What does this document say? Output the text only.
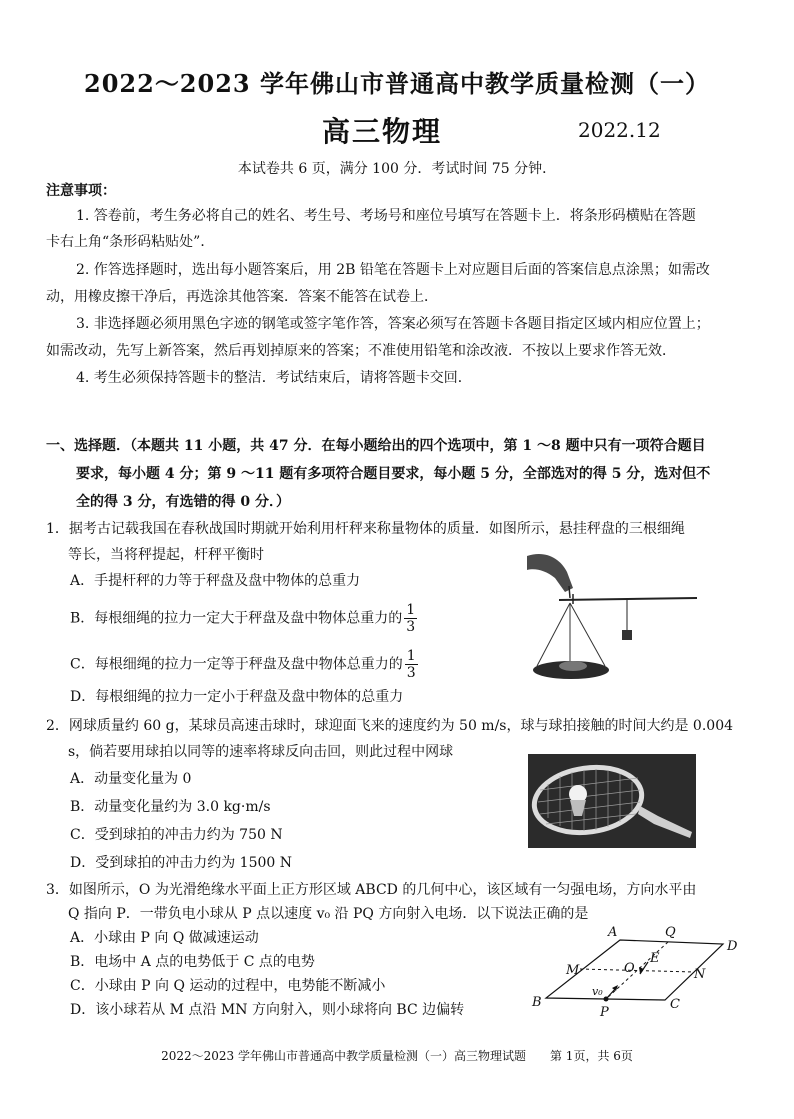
2022～2023 学年佛山市普通高中教学质量检测（一）
高三物理	2022.12
本试卷共 6 页，满分 100 分．考试时间 75 分钟．
注意事项：
1. 答卷前，考生务必将自己的姓名、考生号、考场号和座位号填写在答题卡上．将条形码横贴在答题
卡右上角“条形码粘贴处”．
2. 作答选择题时，选出每小题答案后，用 2B 铅笔在答题卡上对应题目后面的答案信息点涂黑；如需改
动，用橡皮擦干净后，再选涂其他答案．答案不能答在试卷上．
3. 非选择题必须用黑色字迹的钢笔或签字笔作答，答案必须写在答题卡各题目指定区域内相应位置上；
如需改动，先写上新答案，然后再划掉原来的答案；不准使用铅笔和涂改液．不按以上要求作答无效．
4. 考生必须保持答题卡的整洁．考试结束后，请将答题卡交回．
一、选择题．（本题共 11 小题，共 47 分．在每小题给出的四个选项中，第 1 ～8 题中只有一项符合题目
要求，每小题 4 分；第 9 ～11 题有多项符合题目要求，每小题 5 分，全部选对的得 5 分，选对但不
全的得 3 分，有选错的得 0 分．）
1．据考古记载我国在春秋战国时期就开始利用杆秤来称量物体的质量．如图所示，悬挂秤盘的三根细绳
等长，当将秤提起，杆秤平衡时
A．手提杆秤的力等于秤盘及盘中物体的总重力
B．每根细绳的拉力一定大于秤盘及盘中物体总重力的 $\frac{1}{3}$
C．每根细绳的拉力一定等于秤盘及盘中物体总重力的 $\frac{1}{3}$
D．每根细绳的拉力一定小于秤盘及盘中物体的总重力
2．网球质量约 60 g，某球员高速击球时，球迎面飞来的速度约为 50 m/s，球与球拍接触的时间大约是 0.004
s，倘若要用球拍以同等的速率将球反向击回，则此过程中网球
A．动量变化量为 0
B．动量变化量约为 3.0 kg·m/s
C．受到球拍的冲击力约为 750 N
D．受到球拍的冲击力约为 1500 N
3．如图所示，O 为光滑绝缘水平面上正方形区域 ABCD 的几何中心，该区域有一匀强电场，方向水平由
Q 指向 P．一带负电小球从 P 点以速度 v₀ 沿 PQ 方向射入电场．以下说法正确的是
A．小球由 P 向 Q 做减速运动
B．电场中 A 点的电势低于 C 点的电势
C．小球由 P 向 Q 运动的过程中，电势能不断减小
D．该小球若从 M 点沿 MN 方向射入，则小球将向 BC 边偏转
A	Q
D
M	O
E
N
B
v₀
C
P
2022～2023 学年佛山市普通高中教学质量检测（一）高三物理试题　　第 1页，共 6页
